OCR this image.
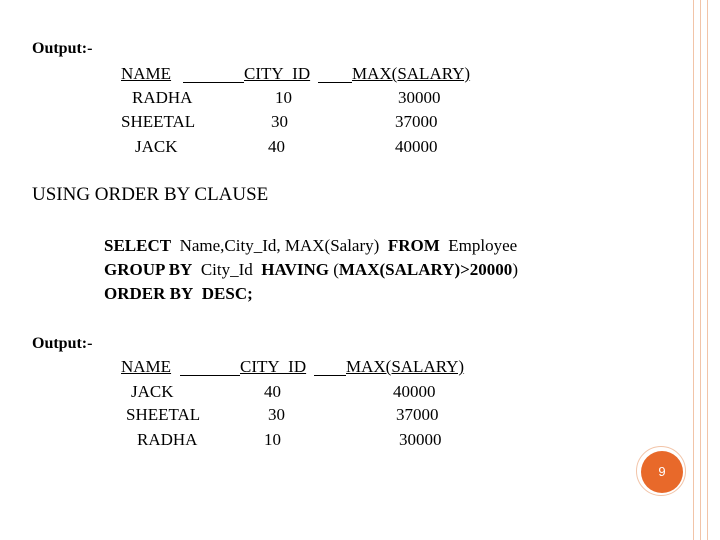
Output:-
NAME	CITY_ID MAX(SALARY)
RADHA	10	30000
SHEETAL	30	37000
JACK	40	40000
USING ORDER BY CLAUSE
SELECT Name,City_Id, MAX(Salary) FROM Employee
GROUP BY City_Id HAVING (MAX(SALARY)>20000)
ORDER BY DESC;
Output:-
NAME	CITY_ID MAX(SALARY)
JACK	40	40000
SHEETAL	30	37000
RADHA	10	30000
9
